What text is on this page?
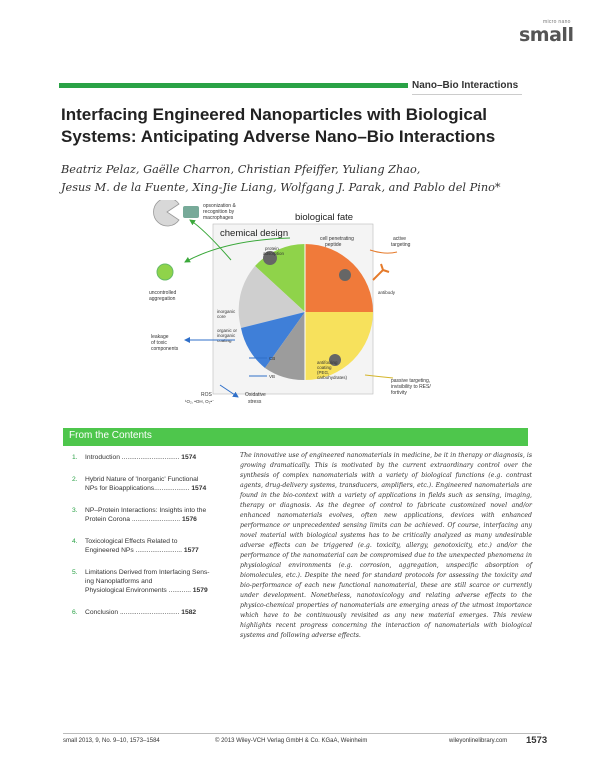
micro nano
small
Nano–Bio Interactions
Interfacing Engineered Nanoparticles with Biological
Systems: Anticipating Adverse Nano–Bio Interactions
Beatriz Pelaz, Gaëlle Charron, Christian Pfeiffer, Yuliang Zhao,
Jesus M. de la Fuente, Xing-Jie Liang, Wolfgang J. Parak, and Pablo del Pino*
opsonization &
recognition by
macrophages	biological fate
chemical design
protein
adsorption
cell penetrating
peptide
active
targeting
antibody
uncontrolled
aggregation
inorganic
core
organic or
inorganic
coating
leakage
of toxic
components
CB
VB
antifouling
coating
(PEG,
carbohydrates)
passive targeting,
invisibility to RES/
fortivity
ROS
¹O₂, •OH, O₂•⁻
Oxidative
stress
From the Contents
1. Introduction ............................... 1574
2. Hybrid Nature of 'Inorganic' Functional
NPs for Bioapplications................... 1574
3. NP–Protein Interactions: Insights into the
Protein Corona .......................... 1576
4. Toxicological Effects Related to
Engineered NPs ......................... 1577
5. Limitations Derived from Interfacing Sens-
ing Nanoplatforms and
Physiological Environments ............ 1579
6. Conclusion ................................ 1582
The innovative use of engineered nanomaterials in medicine, be it in therapy or diagnosis, is growing dramatically. This is motivated by the current extraordinary control over the synthesis of complex nanomaterials with a variety of biological functions (e.g. contrast agents, drug-delivery systems, transducers, amplifiers, etc.). Engineered nanomaterials are found in the bio-context with a variety of applications in fields such as sensing, imaging, therapy or diagnosis. As the degree of control to fabricate customized novel and/or enhanced nanomaterials evolves, often new applications, devices with enhanced performance or unprecedented sensing limits can be achieved. Of course, interfacing any novel material with biological systems has to be critically analyzed as many undesirable adverse effects can be triggered (e.g. toxicity, allergy, genotoxicity, etc.) and/or the performance of the nanomaterial can be compromised due to the unexpected phenomena in physiological environments (e.g. corrosion, aggregation, unspecific absorption of biomolecules, etc.). Despite the need for standard protocols for assessing the toxicity and bio-performance of each new functional nanomaterial, these are still scarce or currently under development. Nonetheless, nanotoxicology and relating adverse effects to the physico-chemical properties of nanomaterials are emerging areas of the utmost importance which have to be continuously revisited as any new material emerges. This review highlights recent progress concerning the interaction of nanomaterials with biological systems and following adverse effects.
small 2013, 9, No. 9–10, 1573–1584	© 2013 Wiley-VCH Verlag GmbH & Co. KGaA, Weinheim	wileyonlinelibrary.com 1573
